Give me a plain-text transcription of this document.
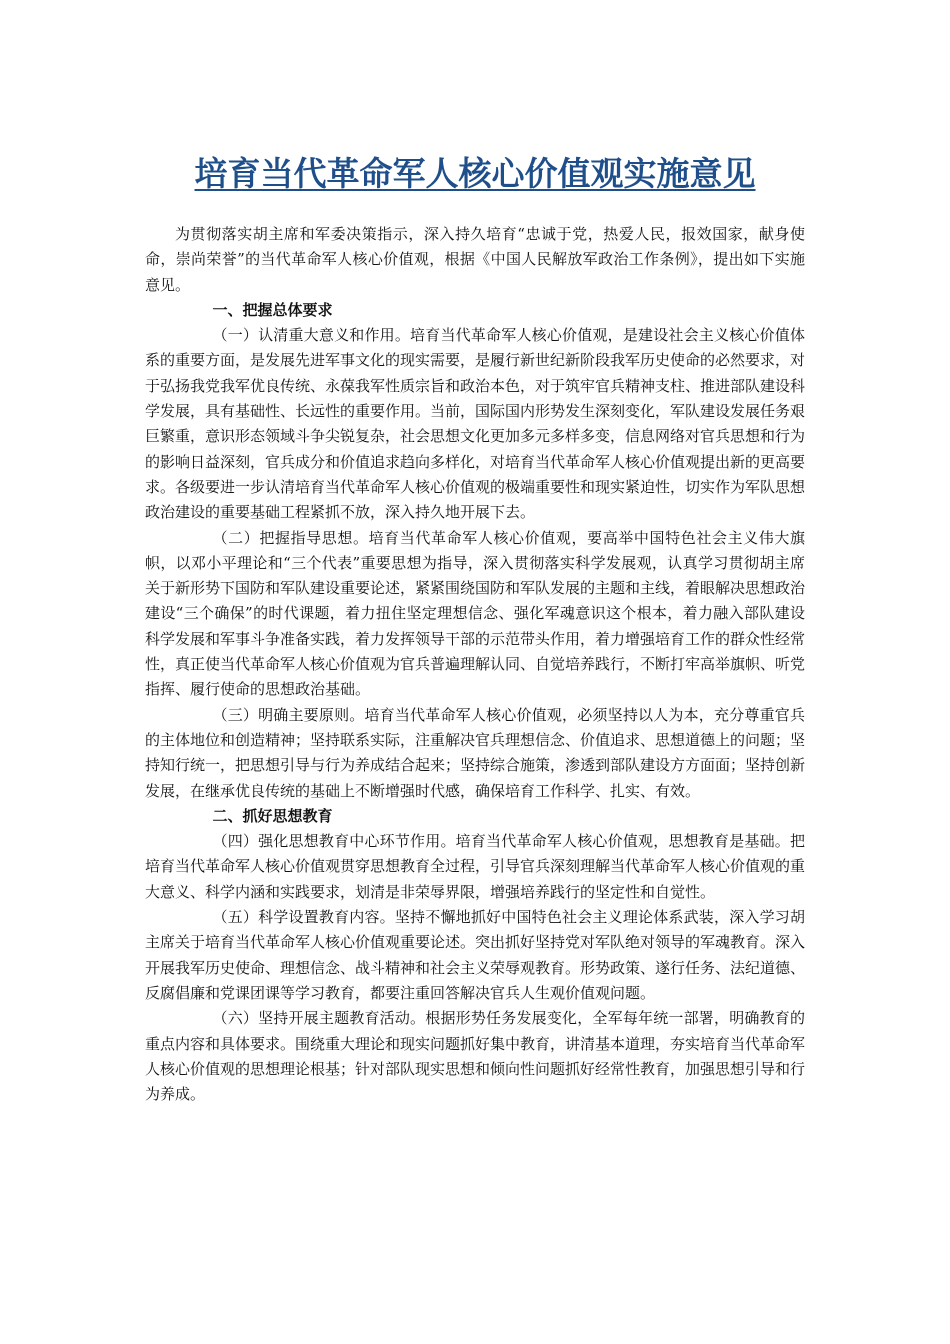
培育当代革命军人核心价值观实施意见

为贯彻落实胡主席和军委决策指示，深入持久培育“忠诚于党，热爱人民，报效国家，献身使命，崇尚荣誉”的当代革命军人核心价值观，根据《中国人民解放军政治工作条例》，提出如下实施意见。

一、把握总体要求

（一）认清重大意义和作用。培育当代革命军人核心价值观，是建设社会主义核心价值体系的重要方面，是发展先进军事文化的现实需要，是履行新世纪新阶段我军历史使命的必然要求，对于弘扬我党我军优良传统、永葆我军性质宗旨和政治本色，对于筑牢官兵精神支柱、推进部队建设科学发展，具有基础性、长远性的重要作用。当前，国际国内形势发生深刻变化，军队建设发展任务艰巨繁重，意识形态领域斗争尖锐复杂，社会思想文化更加多元多样多变，信息网络对官兵思想和行为的影响日益深刻，官兵成分和价值追求趋向多样化，对培育当代革命军人核心价值观提出新的更高要求。各级要进一步认清培育当代革命军人核心价值观的极端重要性和现实紧迫性，切实作为军队思想政治建设的重要基础工程紧抓不放，深入持久地开展下去。

（二）把握指导思想。培育当代革命军人核心价值观，要高举中国特色社会主义伟大旗帜，以邓小平理论和“三个代表”重要思想为指导，深入贯彻落实科学发展观，认真学习贯彻胡主席关于新形势下国防和军队建设重要论述，紧紧围绕国防和军队发展的主题和主线，着眼解决思想政治建设“三个确保”的时代课题，着力扭住坚定理想信念、强化军魂意识这个根本，着力融入部队建设科学发展和军事斗争准备实践，着力发挥领导干部的示范带头作用，着力增强培育工作的群众性经常性，真正使当代革命军人核心价值观为官兵普遍理解认同、自觉培养践行，不断打牢高举旗帜、听党指挥、履行使命的思想政治基础。

（三）明确主要原则。培育当代革命军人核心价值观，必须坚持以人为本，充分尊重官兵的主体地位和创造精神；坚持联系实际，注重解决官兵理想信念、价值追求、思想道德上的问题；坚持知行统一，把思想引导与行为养成结合起来；坚持综合施策，渗透到部队建设方方面面；坚持创新发展，在继承优良传统的基础上不断增强时代感，确保培育工作科学、扎实、有效。

二、抓好思想教育

（四）强化思想教育中心环节作用。培育当代革命军人核心价值观，思想教育是基础。把培育当代革命军人核心价值观贯穿思想教育全过程，引导官兵深刻理解当代革命军人核心价值观的重大意义、科学内涵和实践要求，划清是非荣辱界限，增强培养践行的坚定性和自觉性。

（五）科学设置教育内容。坚持不懈地抓好中国特色社会主义理论体系武装，深入学习胡主席关于培育当代革命军人核心价值观重要论述。突出抓好坚持党对军队绝对领导的军魂教育。深入开展我军历史使命、理想信念、战斗精神和社会主义荣辱观教育。形势政策、遂行任务、法纪道德、反腐倡廉和党课团课等学习教育，都要注重回答解决官兵人生观价值观问题。

（六）坚持开展主题教育活动。根据形势任务发展变化，全军每年统一部署，明确教育的重点内容和具体要求。围绕重大理论和现实问题抓好集中教育，讲清基本道理，夯实培育当代革命军人核心价值观的思想理论根基；针对部队现实思想和倾向性问题抓好经常性教育，加强思想引导和行为养成。
